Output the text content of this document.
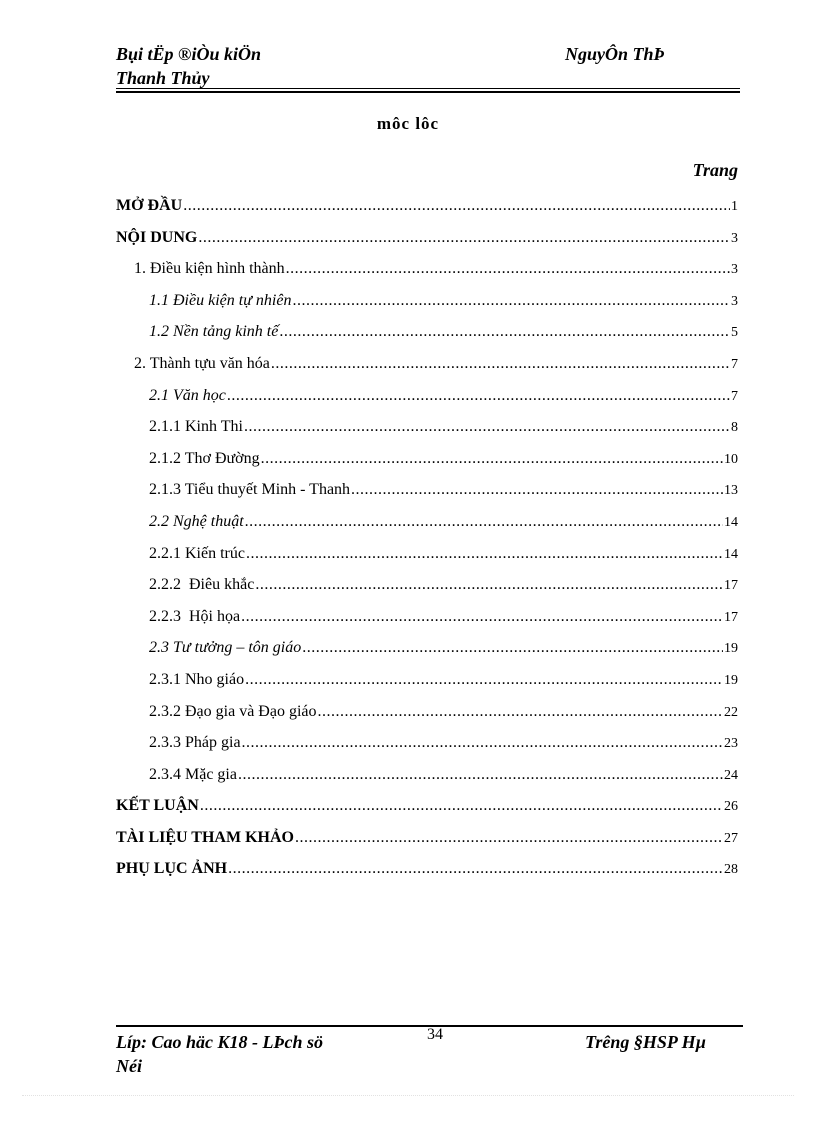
Bụi tËp ®iÒu kiÖn
Thanh Thủy
NguyÔn ThÞ
môc lôc
Trang
MỞ ĐẦU .....	1
NỘI DUNG .....	3
1. Điều kiện hình thành .....	3
1.1 Điều kiện tự nhiên .....	3
1.2 Nền tảng kinh tế .....	5
2. Thành tựu văn hóa .....	7
2.1 Văn học .....	7
2.1.1 Kinh Thi .....	8
2.1.2 Thơ Đường .....	10
2.1.3 Tiểu thuyết Minh - Thanh .....	13
2.2 Nghệ thuật .....	14
2.2.1 Kiến trúc .....	14
2.2.2  Điêu khắc .....	17
2.2.3  Hội họa .....	17
2.3 Tư tưởng – tôn giáo .....	19
2.3.1 Nho giáo .....	19
2.3.2 Đạo gia và Đạo giáo .....	22
2.3.3 Pháp gia .....	23
2.3.4 Mặc gia .....	24
KẾT LUẬN .....	26
TÀI LIỆU THAM KHẢO .....	27
PHỤ LỤC ẢNH .....	28
Líp: Cao häc K18 - LÞch sö
Néi
34	Trêng §HSP Hµ
